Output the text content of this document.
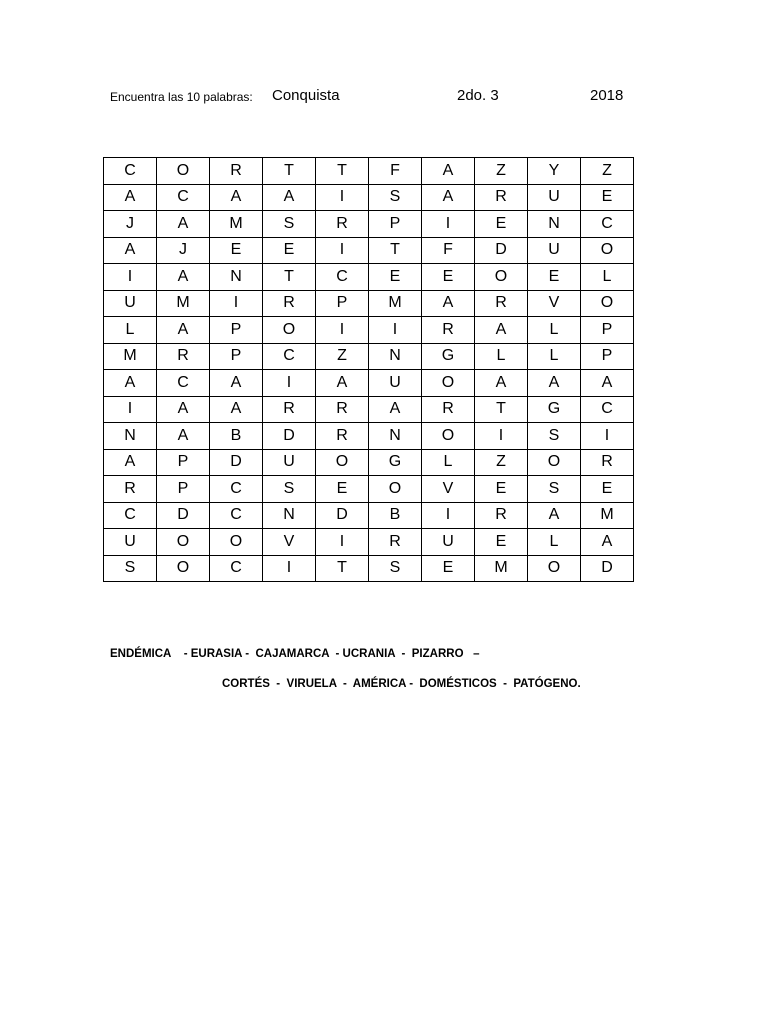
Encuentra las 10 palabras: Conquista	2do. 3	2018
C	O	R	T	T	F	A	Z	Y	Z
A	C	A	A	I	S	A	R	U	E
J	A	M	S	R	P	I	E	N	C
A	J	E	E	I	T	F	D	U	O
I	A	N	T	C	E	E	O	E	L
U	M	I	R	P	M	A	R	V	O
L	A	P	O	I	I	R	A	L	P
M	R	P	C	Z	N	G	L	L	P
A	C	A	I	A	U	O	A	A	A
I	A	A	R	R	A	R	T	G	C
N	A	B	D	R	N	O	I	S	I
A	P	D	U	O	G	L	Z	O	R
R	P	C	S	E	O	V	E	S	E
C	D	C	N	D	B	I	R	A	M
U	O	O	V	I	R	U	E	L	A
S	O	C	I	T	S	E	M	O	D
ENDÉMICA    - EURASIA -  CAJAMARCA  - UCRANIA  -  PIZARRO   –
CORTÉS  -  VIRUELA  -  AMÉRICA -  DOMÉSTICOS  -  PATÓGENO.
